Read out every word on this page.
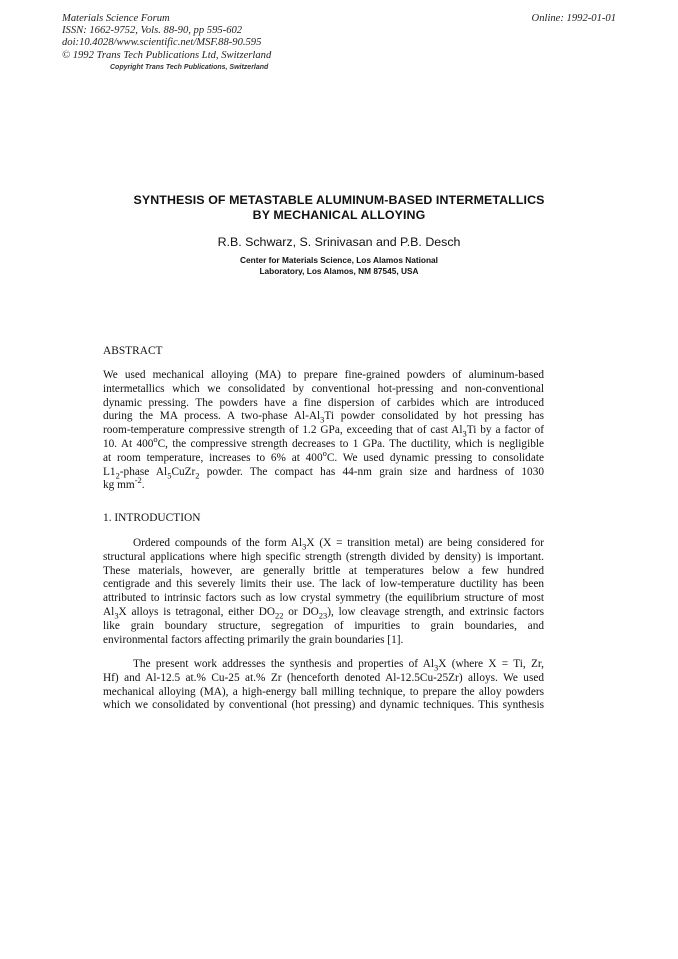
Materials Science Forum
ISSN: 1662-9752, Vols. 88-90, pp 595-602
doi:10.4028/www.scientific.net/MSF.88-90.595
© 1992 Trans Tech Publications Ltd, Switzerland
Online: 1992-01-01
Copyright Trans Tech Publications, Switzerland
SYNTHESIS OF METASTABLE ALUMINUM-BASED INTERMETALLICS
BY MECHANICAL ALLOYING
R.B. Schwarz, S. Srinivasan and P.B. Desch
Center for Materials Science, Los Alamos National
Laboratory, Los Alamos, NM 87545, USA
ABSTRACT
We used mechanical alloying (MA) to prepare fine-grained powders of aluminum-based
intermetallics which we consolidated by conventional hot-pressing and non-conventional
dynamic pressing. The powders have a fine dispersion of carbides which are introduced
during the MA process. A two-phase $Al-Al_3Ti$ powder consolidated by hot pressing has
room-temperature compressive strength of 1.2 GPa, exceeding that of cast $Al_3Ti$ by a factor of
10. At 400$^o$C, the compressive strength decreases to 1 GPa. The ductility, which is negligible
at room temperature, increases to 6% at 400$^o$C. We used dynamic pressing to consolidate
$L1_2$-phase $Al_5CuZr_2$ powder. The compact has 44-nm grain size and hardness of 1030
kg $mm^{-2}$.
1. INTRODUCTION
Ordered compounds of the form $Al_3X$ (X = transition metal) are being considered for
structural applications where high specific strength (strength divided by density) is important.
These materials, however, are generally brittle at temperatures below a few hundred
centigrade and this severely limits their use. The lack of low-temperature ductility has been
attributed to intrinsic factors such as low crystal symmetry (the equilibrium structure of most
$Al_3X$ alloys is tetragonal, either $DO_{22}$ or $DO_{23}$), low cleavage strength, and extrinsic factors
like grain boundary structure, segregation of impurities to grain boundaries, and
environmental factors affecting primarily the grain boundaries [1].
The present work addresses the synthesis and properties of $Al_3X$ (where X = Ti, Zr,
Hf) and Al-12.5 at.% Cu-25 at.% Zr (henceforth denoted Al-12.5Cu-25Zr) alloys. We used
mechanical alloying (MA), a high-energy ball milling technique, to prepare the alloy powders
which we consolidated by conventional (hot pressing) and dynamic techniques. This synthesis
